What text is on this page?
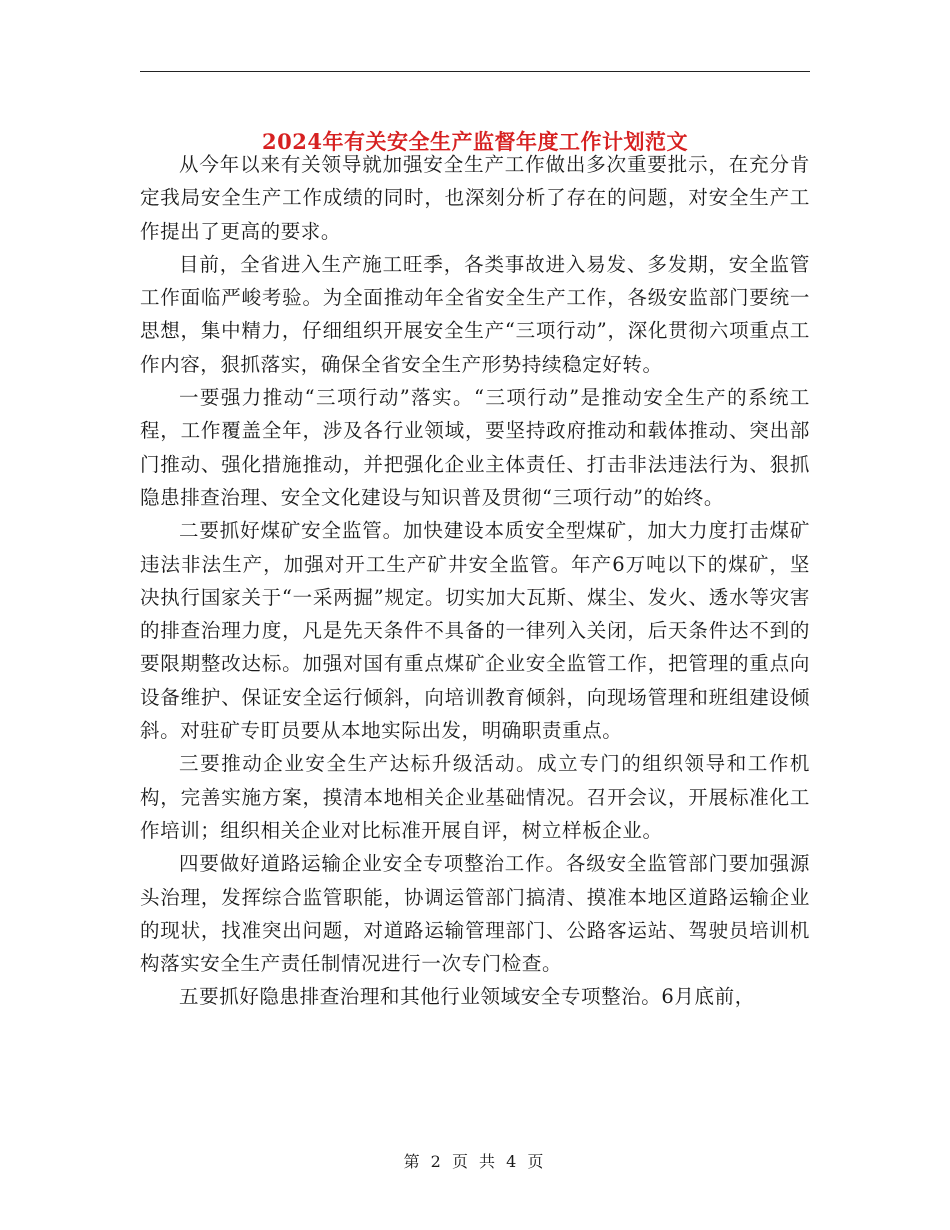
2024年有关安全生产监督年度工作计划范文

从今年以来有关领导就加强安全生产工作做出多次重要批示，在充分肯定我局安全生产工作成绩的同时，也深刻分析了存在的问题，对安全生产工作提出了更高的要求。

目前，全省进入生产施工旺季，各类事故进入易发、多发期，安全监管工作面临严峻考验。为全面推动年全省安全生产工作，各级安监部门要统一思想，集中精力，仔细组织开展安全生产“三项行动”，深化贯彻六项重点工作内容，狠抓落实，确保全省安全生产形势持续稳定好转。

一要强力推动“三项行动”落实。“三项行动”是推动安全生产的系统工程，工作覆盖全年，涉及各行业领域，要坚持政府推动和载体推动、突出部门推动、强化措施推动，并把强化企业主体责任、打击非法违法行为、狠抓隐患排查治理、安全文化建设与知识普及贯彻“三项行动”的始终。

二要抓好煤矿安全监管。加快建设本质安全型煤矿，加大力度打击煤矿违法非法生产，加强对开工生产矿井安全监管。年产6万吨以下的煤矿，坚决执行国家关于“一采两掘”规定。切实加大瓦斯、煤尘、发火、透水等灾害的排查治理力度，凡是先天条件不具备的一律列入关闭，后天条件达不到的要限期整改达标。加强对国有重点煤矿企业安全监管工作，把管理的重点向设备维护、保证安全运行倾斜，向培训教育倾斜，向现场管理和班组建设倾斜。对驻矿专盯员要从本地实际出发，明确职责重点。

三要推动企业安全生产达标升级活动。成立专门的组织领导和工作机构，完善实施方案，摸清本地相关企业基础情况。召开会议，开展标准化工作培训；组织相关企业对比标准开展自评，树立样板企业。

四要做好道路运输企业安全专项整治工作。各级安全监管部门要加强源头治理，发挥综合监管职能，协调运管部门搞清、摸准本地区道路运输企业的现状，找准突出问题，对道路运输管理部门、公路客运站、驾驶员培训机构落实安全生产责任制情况进行一次专门检查。

五要抓好隐患排查治理和其他行业领域安全专项整治。6月底前，

第 2 页 共 4 页
